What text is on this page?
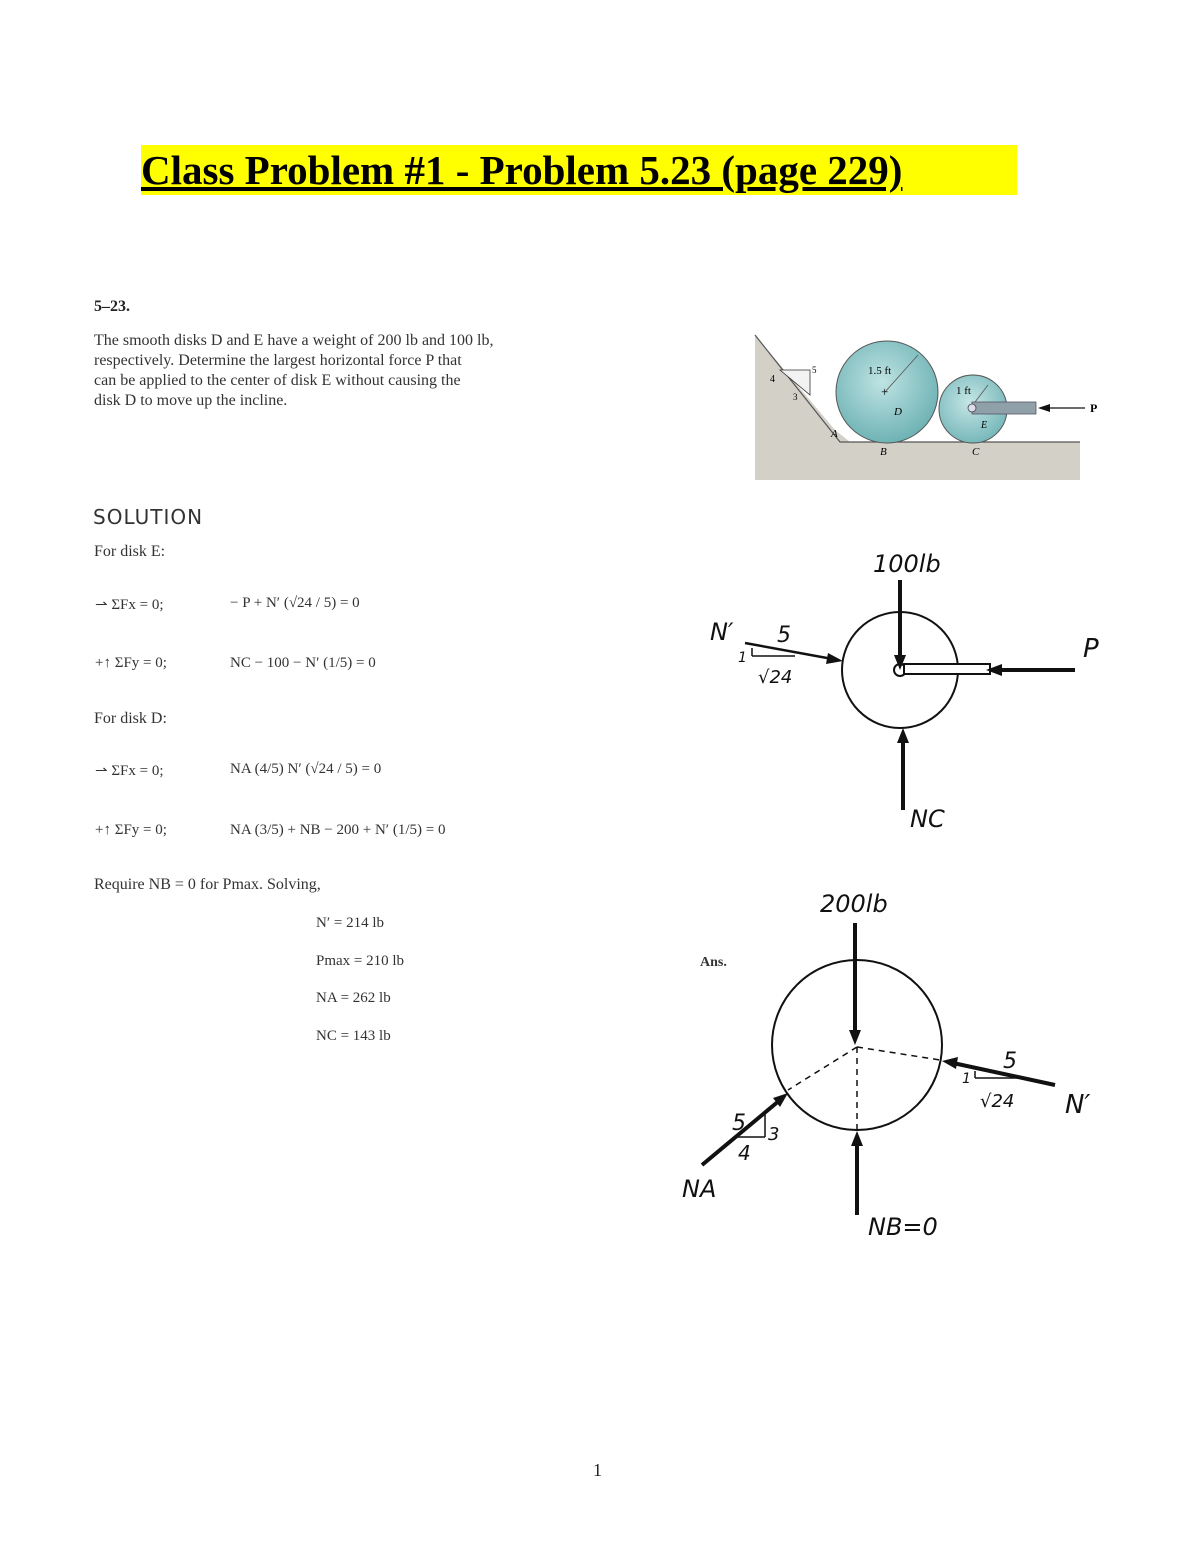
Class Problem #1 - Problem 5.23 (page 229)
5–23.

The smooth disks D and E have a weight of 200 lb and 100 lb,

respectively. Determine the largest horizontal force P that

can be applied to the center of disk E without causing the

disk D to move up the incline.

4
5
3
1.5 ft
+
D
1 ft
E
P
A
B	C
SOLUTION
For disk E:
⇀ ΣFx = 0;	− P + N′ (√24 / 5) = 0
+↑ ΣFy = 0;	NC − 100 − N′ (1/5) = 0
For disk D:
⇀ ΣFx = 0;	NA (4/5) N′ (√24 / 5) = 0
+↑ ΣFy = 0;	NA (3/5) + NB − 200 + N′ (1/5) = 0
Require NB = 0 for Pmax. Solving,
N′ = 214 lb
Pmax = 210 lb
NA = 262 lb
NC = 143 lb
Ans.
100lb
P
N′ 5
1
√24
NC
200lb
5
1
√24 N′
5 3
4
NA
NB=0
1
